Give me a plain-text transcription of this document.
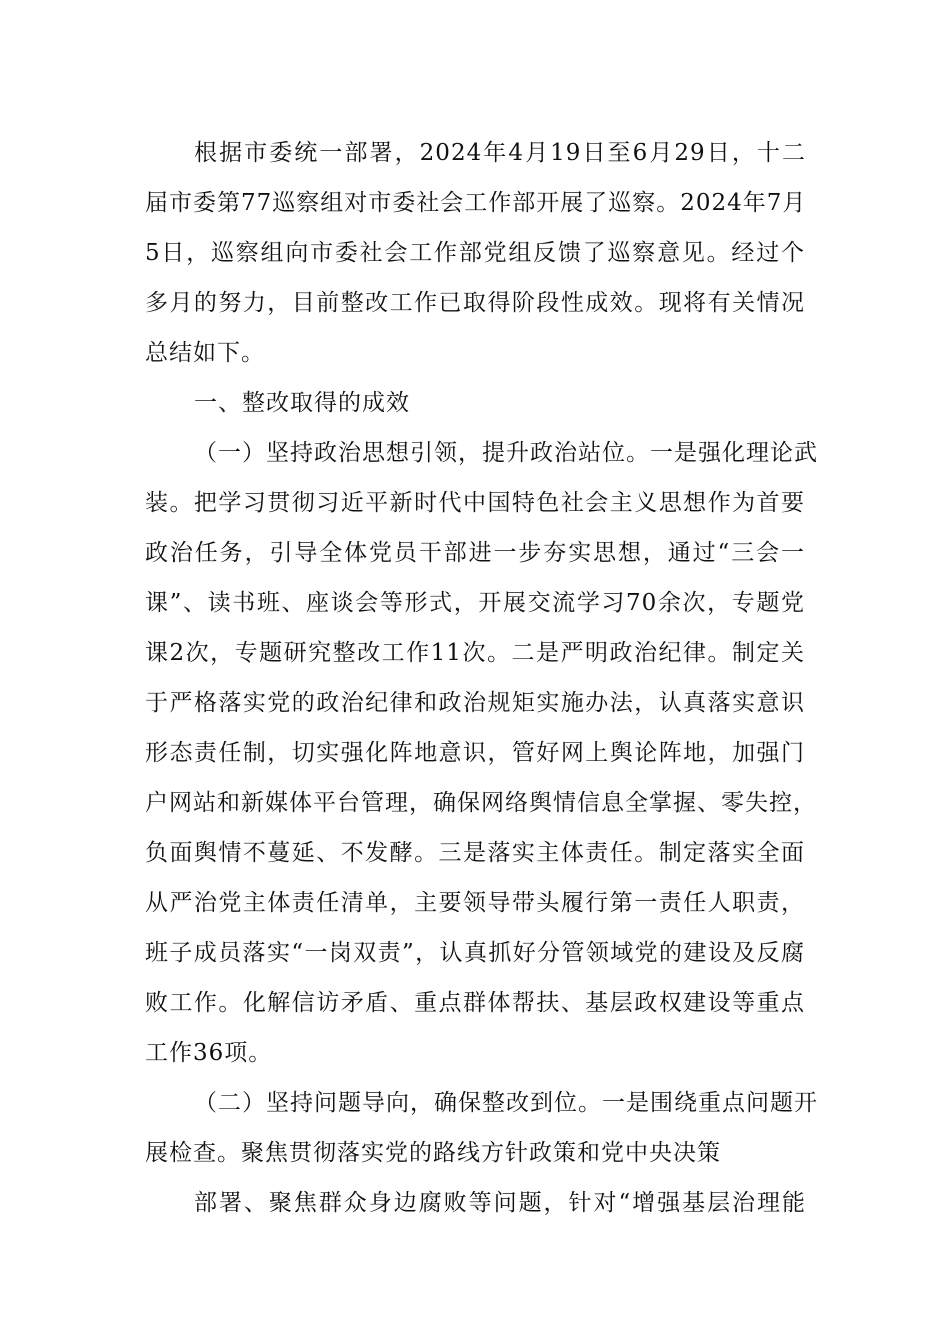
根据市委统一部署，2024年4月19日至6月29日，十二
届市委第77巡察组对市委社会工作部开展了巡察。2024年7月
5日，巡察组向市委社会工作部党组反馈了巡察意见。经过个
多月的努力，目前整改工作已取得阶段性成效。现将有关情况
总结如下。
一、整改取得的成效
（一）坚持政治思想引领，提升政治站位。一是强化理论武
装。把学习贯彻习近平新时代中国特色社会主义思想作为首要
政治任务，引导全体党员干部进一步夯实思想，通过“三会一
课”、读书班、座谈会等形式，开展交流学习70余次，专题党
课2次，专题研究整改工作11次。二是严明政治纪律。制定关
于严格落实党的政治纪律和政治规矩实施办法，认真落实意识
形态责任制，切实强化阵地意识，管好网上舆论阵地，加强门
户网站和新媒体平台管理，确保网络舆情信息全掌握、零失控，
负面舆情不蔓延、不发酵。三是落实主体责任。制定落实全面
从严治党主体责任清单，主要领导带头履行第一责任人职责，
班子成员落实“一岗双责”，认真抓好分管领域党的建设及反腐
败工作。化解信访矛盾、重点群体帮扶、基层政权建设等重点
工作36项。
（二）坚持问题导向，确保整改到位。一是围绕重点问题开
展检查。聚焦贯彻落实党的路线方针政策和党中央决策
部署、聚焦群众身边腐败等问题，针对“增强基层治理能
